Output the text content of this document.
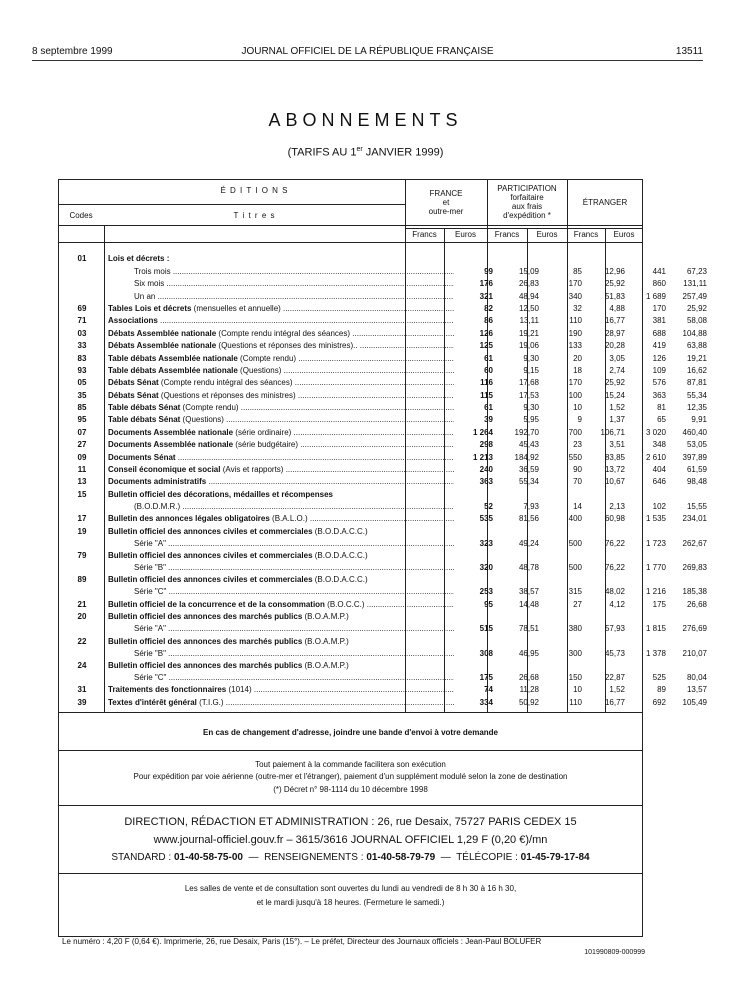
8 septembre 1999	JOURNAL OFFICIEL DE LA RÉPUBLIQUE FRANÇAISE	13511
ABONNEMENTS
(TARIFS AU 1er JANVIER 1999)
É D I T I O N S
Codes	T i t r e s
FRANCE
et
outre-mer
PARTICIPATION
forfaitaire
aux frais
d'expédition *
ÉTRANGER
Francs	Euros	Francs	Euros	Francs	Euros
01	Lois et décrets :						
	Trois mois .....	99	15,09	85	12,96	441	67,23
	Six mois .....	176	26,83	170	25,92	860	131,11
	Un an .....	321	48,94	340	51,83	1 689	257,49
69	Tables Lois et décrets (mensuelles et annuelle) .....	82	12,50	32	4,88	170	25,92
71	Associations .....	86	13,11	110	16,77	381	58,08
03	Débats Assemblée nationale (Compte rendu intégral des séances) .....	126	19,21	190	28,97	688	104,88
33	Débats Assemblée nationale (Questions et réponses des ministres).. .....	125	19,06	133	20,28	419	63,88
83	Table débats Assemblée nationale (Compte rendu) .....	61	9,30	20	3,05	126	19,21
93	Table débats Assemblée nationale (Questions) .....	60	9,15	18	2,74	109	16,62
05	Débats Sénat (Compte rendu intégral des séances) .....	116	17,68	170	25,92	576	87,81
35	Débats Sénat (Questions et réponses des ministres) .....	115	17,53	100	15,24	363	55,34
85	Table débats Sénat (Compte rendu) .....	61	9,30	10	1,52	81	12,35
95	Table débats Sénat (Questions) .....	39	5,95	9	1,37	65	9,91
07	Documents Assemblée nationale (série ordinaire) .....	1 264	192,70	700	106,71	3 020	460,40
27	Documents Assemblée nationale (série budgétaire) .....	298	45,43	23	3,51	348	53,05
09	Documents Sénat .....	1 213	184,92	550	83,85	2 610	397,89
11	Conseil économique et social (Avis et rapports) .....	240	36,59	90	13,72	404	61,59
13	Documents administratifs .....	363	55,34	70	10,67	646	98,48
15	Bulletin officiel des décorations, médailles et récompenses						
	(B.O.D.M.R.) .....	52	7,93	14	2,13	102	15,55
17	Bulletin des annonces légales obligatoires (B.A.L.O.) .....	535	81,56	400	60,98	1 535	234,01
19	Bulletin officiel des annonces civiles et commerciales (B.O.D.A.C.C.)						
	Série "A" .....	323	49,24	500	76,22	1 723	262,67
79	Bulletin officiel des annonces civiles et commerciales (B.O.D.A.C.C.)						
	Série "B" .....	320	48,78	500	76,22	1 770	269,83
89	Bulletin officiel des annonces civiles et commerciales (B.O.D.A.C.C.)						
	Série "C" .....	253	38,57	315	48,02	1 216	185,38
21	Bulletin officiel de la concurrence et de la consommation (B.O.C.C.) .....	95	14,48	27	4,12	175	26,68
20	Bulletin officiel des annonces des marchés publics (B.O.A.M.P.)						
	Série "A" .....	515	78,51	380	57,93	1 815	276,69
22	Bulletin officiel des annonces des marchés publics (B.O.A.M.P.)						
	Série "B" .....	308	46,95	300	45,73	1 378	210,07
24	Bulletin officiel des annonces des marchés publics (B.O.A.M.P.)						
	Série "C" .....	175	26,68	150	22,87	525	80,04
31	Traitements des fonctionnaires (1014) .....	74	11,28	10	1,52	89	13,57
39	Textes d'intérêt général (T.I.G.) .....	334	50,92	110	16,77	692	105,49
En cas de changement d'adresse, joindre une bande d'envoi à votre demande
Tout paiement à la commande facilitera son exécution
Pour expédition par voie aérienne (outre-mer et l'étranger), paiement d'un supplément modulé selon la zone de destination
(*) Décret n° 98-1114 du 10 décembre 1998
DIRECTION, RÉDACTION ET ADMINISTRATION : 26, rue Desaix, 75727 PARIS CEDEX 15
www.journal-officiel.gouv.fr – 3615/3616 JOURNAL OFFICIEL 1,29 F (0,20 €)/mn
STANDARD : 01-40-58-75-00  —  RENSEIGNEMENTS : 01-40-58-79-79  —  TÉLÉCOPIE : 01-45-79-17-84
Les salles de vente et de consultation sont ouvertes du lundi au vendredi de 8 h 30 à 16 h 30,
et le mardi jusqu'à 18 heures. (Fermeture le samedi.)
Le numéro : 4,20 F (0,64 €). Imprimerie, 26, rue Desaix, Paris (15°). – Le préfet, Directeur des Journaux officiels : Jean-Paul BOLUFER
101990809-000999
